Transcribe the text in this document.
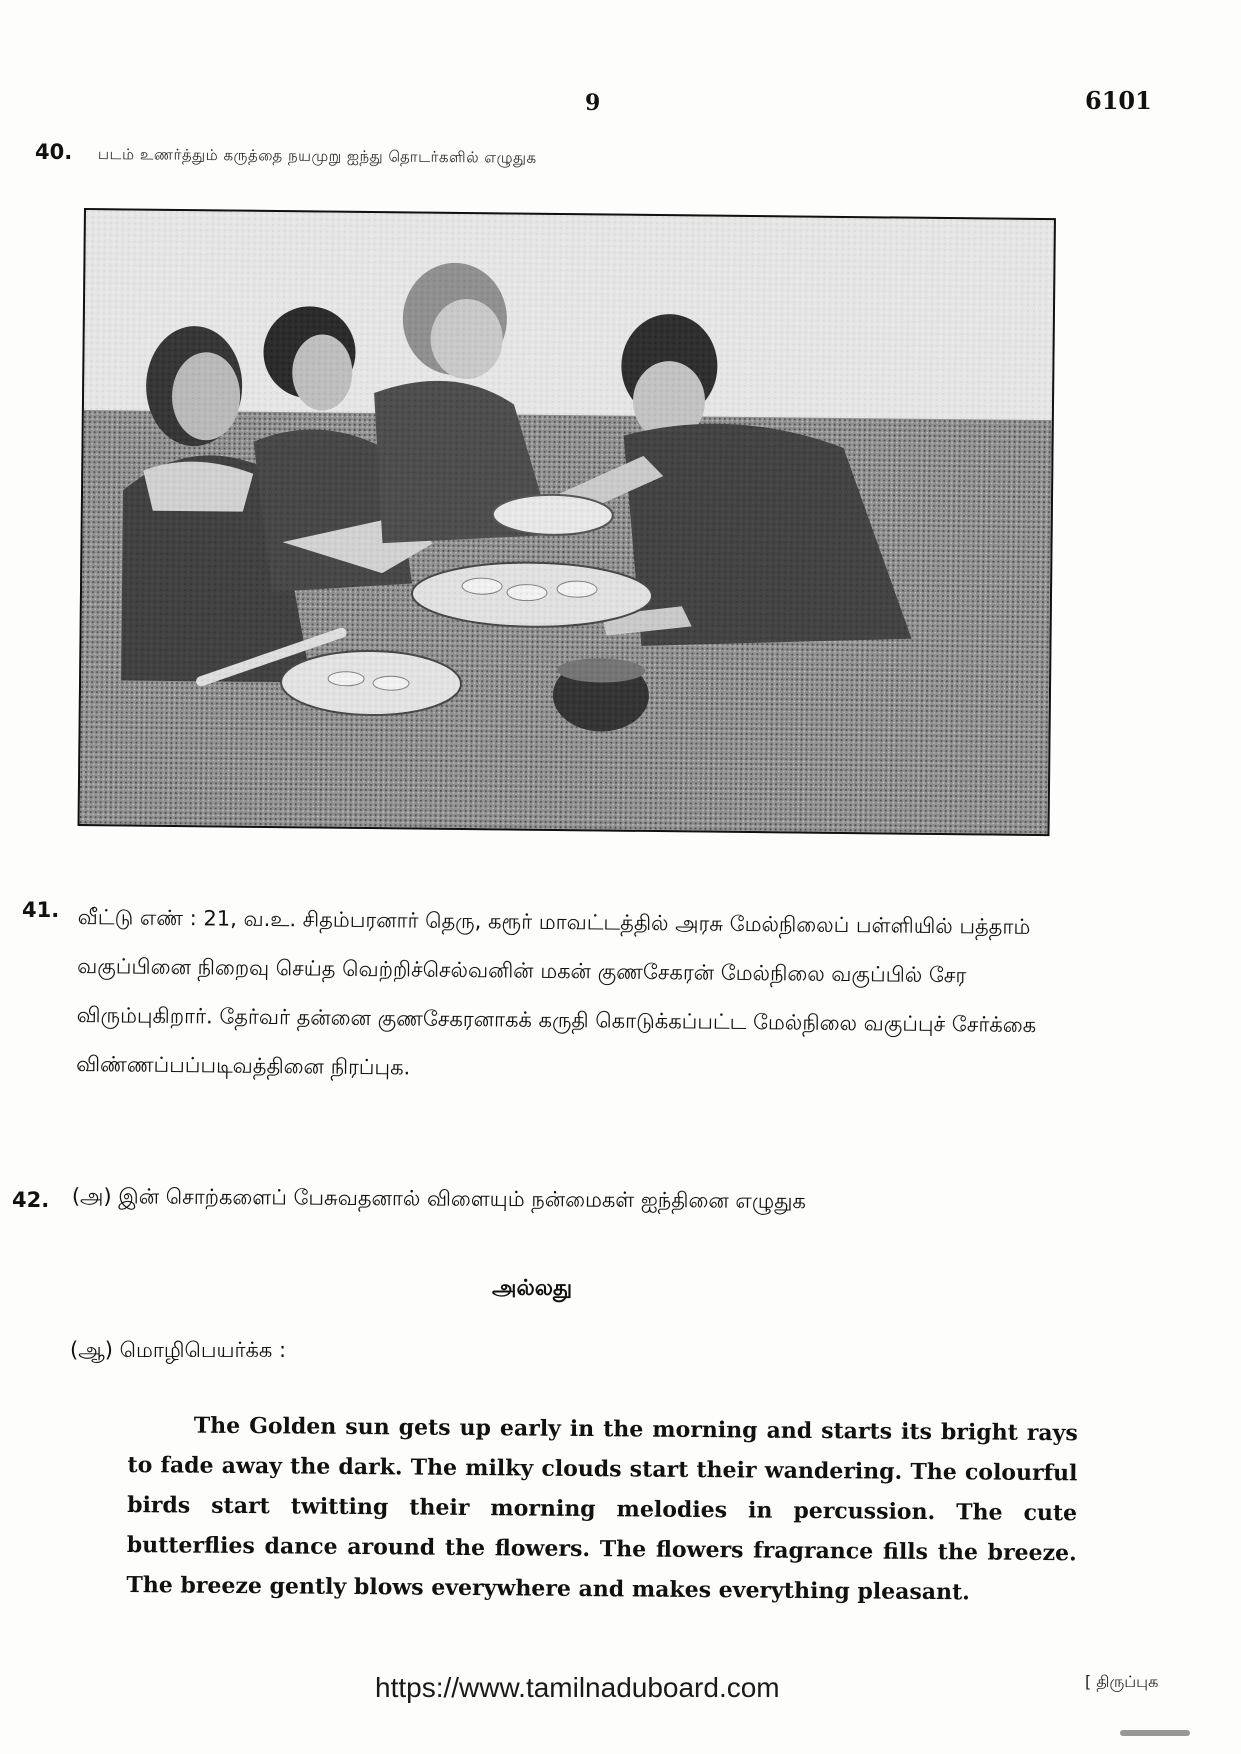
9	6101
40. படம் உணர்த்தும் கருத்தை நயமுறு ஐந்து தொடர்களில் எழுதுக
41. வீட்டு எண் : 21, வ.உ. சிதம்பரனார் தெரு, கரூர் மாவட்டத்தில் அரசு மேல்நிலைப் பள்ளியில் பத்தாம் வகுப்பினை நிறைவு செய்த வெற்றிச்செல்வனின் மகன் குணசேகரன் மேல்நிலை வகுப்பில் சேர விரும்புகிறார். தேர்வர் தன்னை குணசேகரனாகக் கருதி கொடுக்கப்பட்ட மேல்நிலை வகுப்புச் சேர்க்கை விண்ணப்பப்படிவத்தினை நிரப்புக.
42. (அ) இன் சொற்களைப் பேசுவதனால் விளையும் நன்மைகள் ஐந்தினை எழுதுக
அல்லது
(ஆ) மொழிபெயர்க்க :
The Golden sun gets up early in the morning and starts its bright rays to fade away the dark. The milky clouds start their wandering. The colourful birds start twitting their morning melodies in percussion. The cute butterflies dance around the flowers. The flowers fragrance fills the breeze. The breeze gently blows everywhere and makes everything pleasant.
https://www.tamilnaduboard.com	[ திருப்புக
